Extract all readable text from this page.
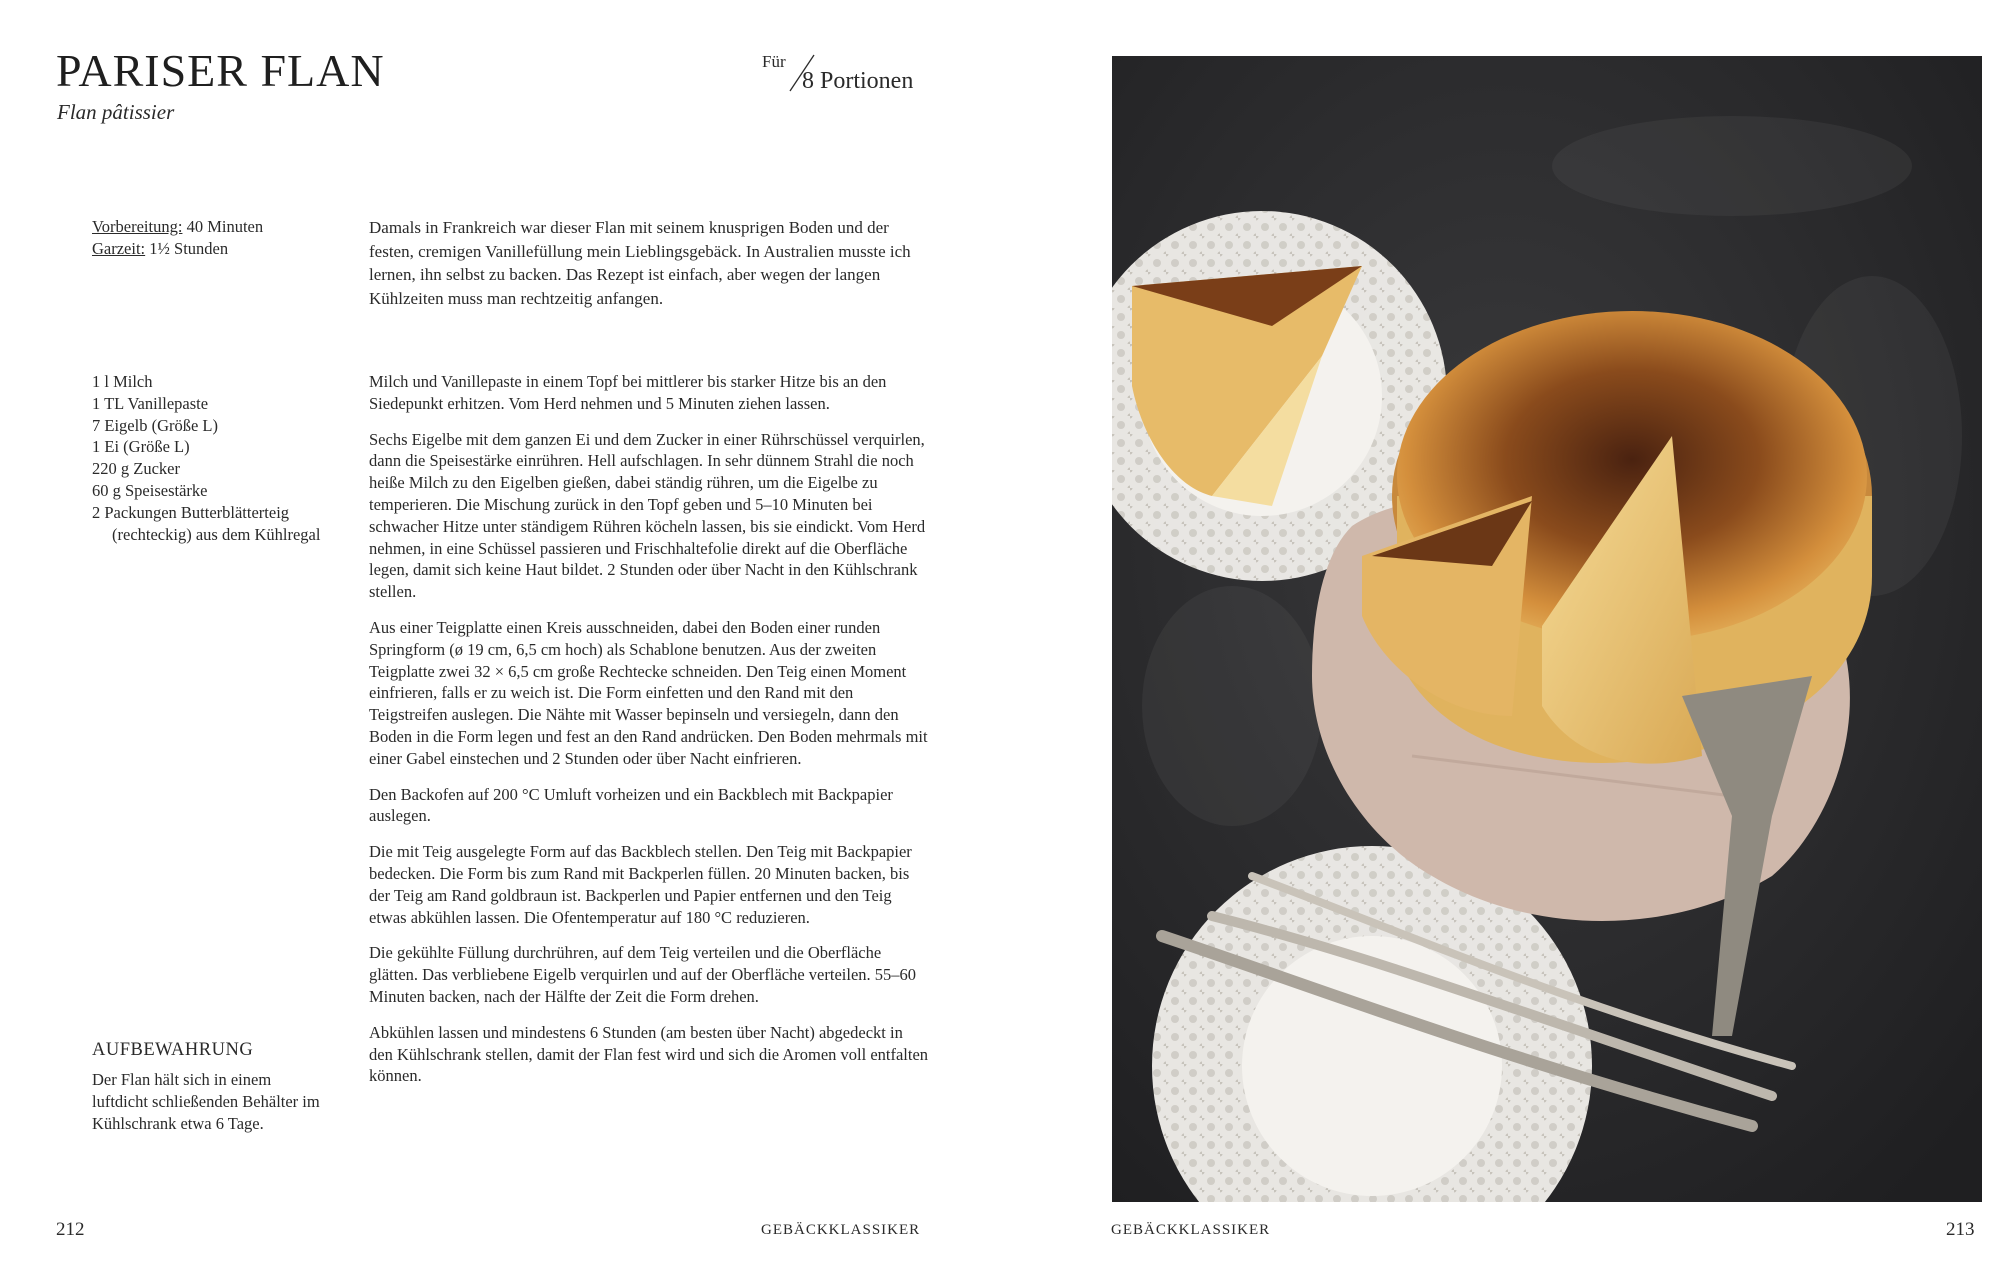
PARISER FLAN
Flan pâtissier
Für
8 Portionen
Vorbereitung: 40 Minuten
Garzeit: 1½ Stunden

Damals in Frankreich war dieser Flan mit seinem knusprigen Boden und der festen, cremigen Vanillefüllung mein Lieblingsgebäck. In Australien musste ich lernen, ihn selbst zu backen. Das Rezept ist einfach, aber wegen der langen Kühlzeiten muss man rechtzeitig anfangen.

1 l Milch
1 TL Vanillepaste
7 Eigelb (Größe L)
1 Ei (Größe L)
220 g Zucker
60 g Speisestärke
2 Packungen Butterblätterteig (rechteckig) aus dem Kühlregal

Milch und Vanillepaste in einem Topf bei mittlerer bis starker Hitze bis an den Siedepunkt erhitzen. Vom Herd nehmen und 5 Minuten ziehen lassen.

Sechs Eigelbe mit dem ganzen Ei und dem Zucker in einer Rührschüssel verquirlen, dann die Speisestärke einrühren. Hell aufschlagen. In sehr dünnem Strahl die noch heiße Milch zu den Eigelben gießen, dabei ständig rühren, um die Eigelbe zu temperieren. Die Mischung zurück in den Topf geben und 5–10 Minuten bei schwacher Hitze unter ständigem Rühren köcheln lassen, bis sie eindickt. Vom Herd nehmen, in eine Schüssel passieren und Frischhaltefolie direkt auf die Oberfläche legen, damit sich keine Haut bildet. 2 Stunden oder über Nacht in den Kühlschrank stellen.

Aus einer Teigplatte einen Kreis ausschneiden, dabei den Boden einer runden Springform (ø 19 cm, 6,5 cm hoch) als Schablone benutzen. Aus der zweiten Teigplatte zwei 32 × 6,5 cm große Rechtecke schneiden. Den Teig einen Moment einfrieren, falls er zu weich ist. Die Form einfetten und den Rand mit den Teigstreifen auslegen. Die Nähte mit Wasser bepinseln und versiegeln, dann den Boden in die Form legen und fest an den Rand andrücken. Den Boden mehrmals mit einer Gabel einstechen und 2 Stunden oder über Nacht einfrieren.

Den Backofen auf 200 °C Umluft vorheizen und ein Backblech mit Backpapier auslegen.

Die mit Teig ausgelegte Form auf das Backblech stellen. Den Teig mit Backpapier bedecken. Die Form bis zum Rand mit Backperlen füllen. 20 Minuten backen, bis der Teig am Rand goldbraun ist. Backperlen und Papier entfernen und den Teig etwas abkühlen lassen. Die Ofentemperatur auf 180 °C reduzieren.

Die gekühlte Füllung durchrühren, auf dem Teig verteilen und die Oberfläche glätten. Das verbliebene Eigelb verquirlen und auf der Oberfläche verteilen. 55–60 Minuten backen, nach der Hälfte der Zeit die Form drehen.

Abkühlen lassen und mindestens 6 Stunden (am besten über Nacht) abgedeckt in den Kühlschrank stellen, damit der Flan fest wird und sich die Aromen voll entfalten können.

AUFBEWAHRUNG
Der Flan hält sich in einem luftdicht schließenden Behälter im Kühlschrank etwa 6 Tage.
212	GEBÄCKKLASSIKER	GEBÄCKKLASSIKER	213
